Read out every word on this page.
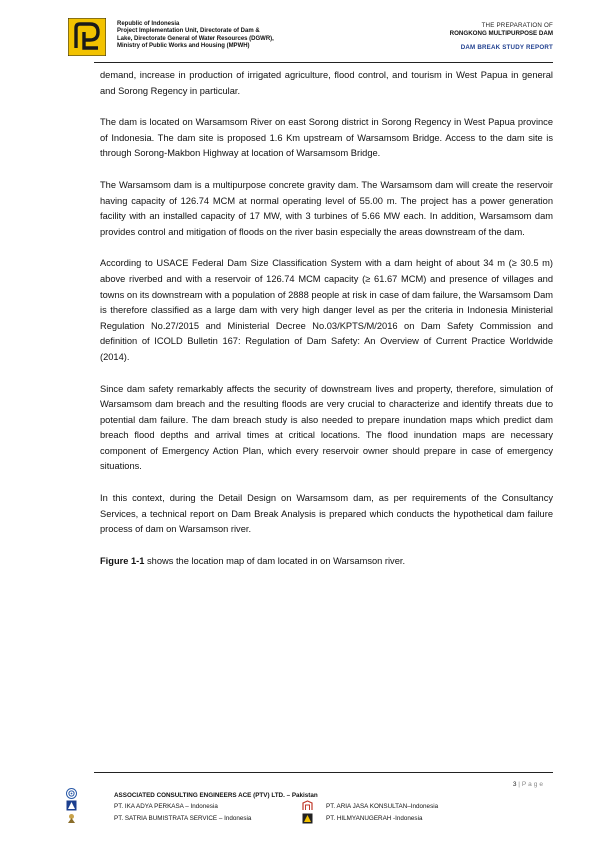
Republic of Indonesia
Project Implementation Unit, Directorate of Dam &
Lake, Directorate General of Water Resources (DGWR),
Ministry of Public Works and Housing (MPWH)
THE PREPARATION OF
RONGKONG MULTIPURPOSE DAM
DAM BREAK STUDY REPORT

demand, increase in production of irrigated agriculture, flood control, and tourism in West Papua in general and Sorong Regency in particular.

The dam is located on Warsamsom River on east Sorong district in Sorong Regency in West Papua province of Indonesia. The dam site is proposed 1.6 Km upstream of Warsamsom Bridge. Access to the dam site is through Sorong-Makbon Highway at location of Warsamsom Bridge.

The Warsamsom dam is a multipurpose concrete gravity dam. The Warsamsom dam will create the reservoir having capacity of 126.74 MCM at normal operating level of 55.00 m. The project has a power generation facility with an installed capacity of 17 MW, with 3 turbines of 5.66 MW each. In addition, Warsamsom dam provides control and mitigation of floods on the river basin especially the areas downstream of the dam.

According to USACE Federal Dam Size Classification System with a dam height of about 34 m (≥ 30.5 m) above riverbed and with a reservoir of 126.74 MCM capacity (≥ 61.67 MCM) and presence of villages and towns on its downstream with a population of 2888 people at risk in case of dam failure, the Warsamsom Dam is therefore classified as a large dam with very high danger level as per the criteria in Indonesia Ministerial Regulation No.27/2015 and Ministerial Decree No.03/KPTS/M/2016 on Dam Safety Commission and definition of ICOLD Bulletin 167: Regulation of Dam Safety: An Overview of Current Practice Worldwide (2014).

Since dam safety remarkably affects the security of downstream lives and property, therefore, simulation of Warsamsom dam breach and the resulting floods are very crucial to characterize and identify threats due to potential dam failure. The dam breach study is also needed to prepare inundation maps which predict dam breach flood depths and arrival times at critical locations. The flood inundation maps are necessary component of Emergency Action Plan, which every reservoir owner should prepare in case of emergency situations.

In this context, during the Detail Design on Warsamsom dam, as per requirements of the Consultancy Services, a technical report on Dam Break Analysis is prepared which conducts the hypothetical dam failure process of dam on Warsamson river.

Figure 1-1 shows the location map of dam located in on Warsamson river.

3 | Page
ASSOCIATED CONSULTING ENGINEERS ACE (PTV) LTD. – Pakistan
PT. IKA ADYA PERKASA – Indonesia	PT. ARIA JASA KONSULTAN–Indonesia
PT. SATRIA BUMISTRATA SERVICE – Indonesia	PT. HILMYANUGERAH -Indonesia
